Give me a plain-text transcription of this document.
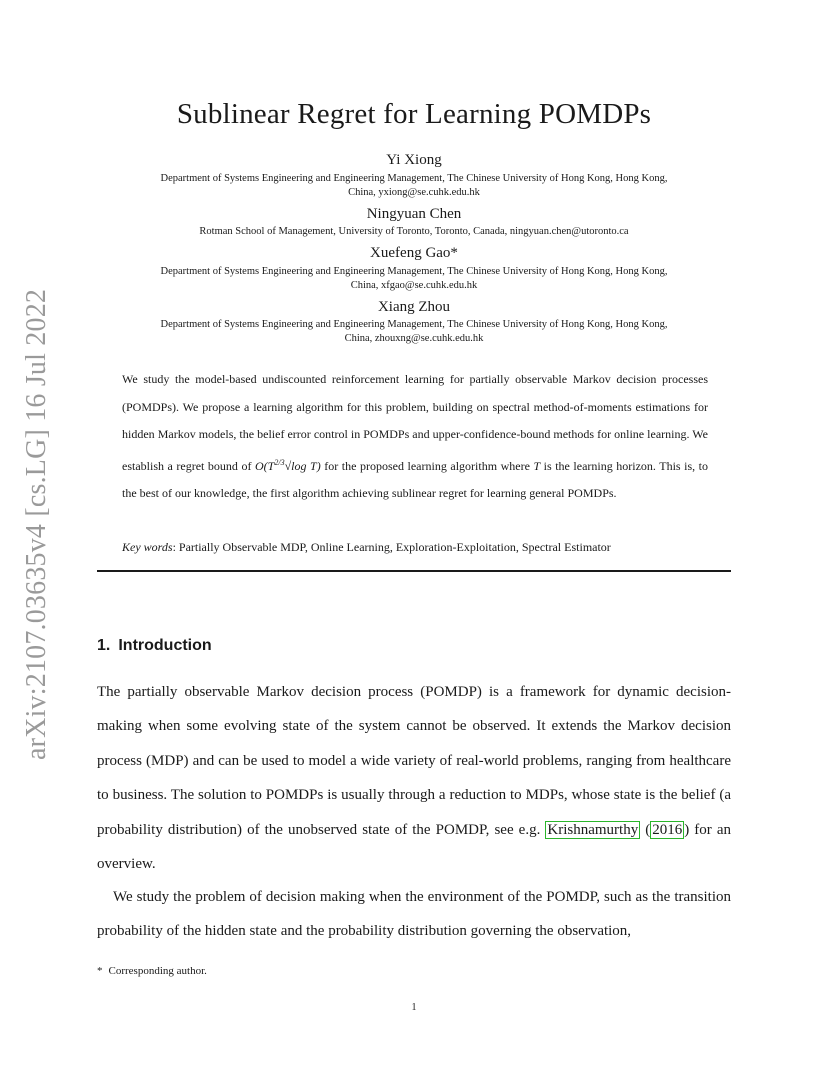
arXiv:2107.03635v4 [cs.LG] 16 Jul 2022
Sublinear Regret for Learning POMDPs
Yi Xiong
Department of Systems Engineering and Engineering Management, The Chinese University of Hong Kong, Hong Kong,
China, yxiong@se.cuhk.edu.hk
Ningyuan Chen
Rotman School of Management, University of Toronto, Toronto, Canada, ningyuan.chen@utoronto.ca
Xuefeng Gao*
Department of Systems Engineering and Engineering Management, The Chinese University of Hong Kong, Hong Kong,
China, xfgao@se.cuhk.edu.hk
Xiang Zhou
Department of Systems Engineering and Engineering Management, The Chinese University of Hong Kong, Hong Kong,
China, zhouxng@se.cuhk.edu.hk
We study the model-based undiscounted reinforcement learning for partially observable Markov decision processes (POMDPs). We propose a learning algorithm for this problem, building on spectral method-of-moments estimations for hidden Markov models, the belief error control in POMDPs and upper-confidence-bound methods for online learning. We establish a regret bound of $O(T^{2/3}√\log$ T) for the proposed learning algorithm where T is the learning horizon. This is, to the best of our knowledge, the first algorithm achieving sublinear regret for learning general POMDPs.
Key words: Partially Observable MDP, Online Learning, Exploration-Exploitation, Spectral Estimator
1. Introduction
The partially observable Markov decision process (POMDP) is a framework for dynamic decision-making when some evolving state of the system cannot be observed. It extends the Markov decision process (MDP) and can be used to model a wide variety of real-world problems, ranging from healthcare to business. The solution to POMDPs is usually through a reduction to MDPs, whose state is the belief (a probability distribution) of the unobserved state of the POMDP, see e.g. Krishnamurthy ( 2016 ) for an overview.
We study the problem of decision making when the environment of the POMDP, such as the transition probability of the hidden state and the probability distribution governing the observation,
* Corresponding author.
1
